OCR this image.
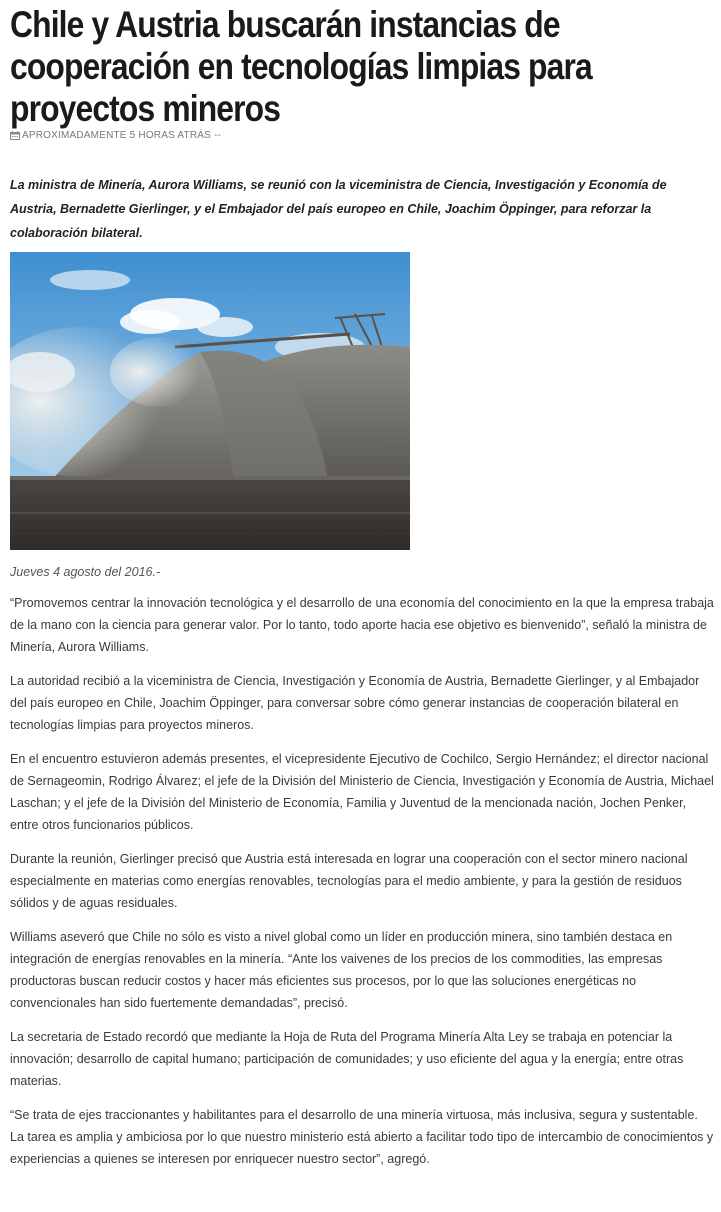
Chile y Austria buscarán instancias de cooperación en tecnologías limpias para proyectos mineros
APROXIMADAMENTE 5 HORAS ATRÁS --

La ministra de Minería, Aurora Williams, se reunió con la viceministra de Ciencia, Investigación y Economía de Austria, Bernadette Gierlinger, y el Embajador del país europeo en Chile, Joachim Öppinger, para reforzar la colaboración bilateral.

Jueves 4 agosto del 2016.-

“Promovemos centrar la innovación tecnológica y el desarrollo de una economía del conocimiento en la que la empresa trabaja de la mano con la ciencia para generar valor. Por lo tanto, todo aporte hacia ese objetivo es bienvenido”, señaló la ministra de Minería, Aurora Williams.

La autoridad recibió a la viceministra de Ciencia, Investigación y Economía de Austria, Bernadette Gierlinger, y al Embajador del país europeo en Chile, Joachim Öppinger, para conversar sobre cómo generar instancias de cooperación bilateral en tecnologías limpias para proyectos mineros.

En el encuentro estuvieron además presentes, el vicepresidente Ejecutivo de Cochilco, Sergio Hernández; el director nacional de Sernageomin, Rodrigo Álvarez; el jefe de la División del Ministerio de Ciencia, Investigación y Economía de Austria, Michael Laschan; y el jefe de la División del Ministerio de Economía, Familia y Juventud de la mencionada nación, Jochen Penker, entre otros funcionarios públicos.

Durante la reunión, Gierlinger precisó que Austria está interesada en lograr una cooperación con el sector minero nacional especialmente en materias como energías renovables, tecnologías para el medio ambiente, y para la gestión de residuos sólidos y de aguas residuales.

Williams aseveró que Chile no sólo es visto a nivel global como un líder en producción minera, sino también destaca en integración de energías renovables en la minería. “Ante los vaivenes de los precios de los commodities, las empresas productoras buscan reducir costos y hacer más eficientes sus procesos, por lo que las soluciones energéticas no convencionales han sido fuertemente demandadas”, precisó.

La secretaria de Estado recordó que mediante la Hoja de Ruta del Programa Minería Alta Ley se trabaja en potenciar la innovación; desarrollo de capital humano; participación de comunidades; y uso eficiente del agua y la energía; entre otras materias.

“Se trata de ejes traccionantes y habilitantes para el desarrollo de una minería virtuosa, más inclusiva, segura y sustentable. La tarea es amplia y ambiciosa por lo que nuestro ministerio está abierto a facilitar todo tipo de intercambio de conocimientos y experiencias a quienes se interesen por enriquecer nuestro sector”, agregó.
